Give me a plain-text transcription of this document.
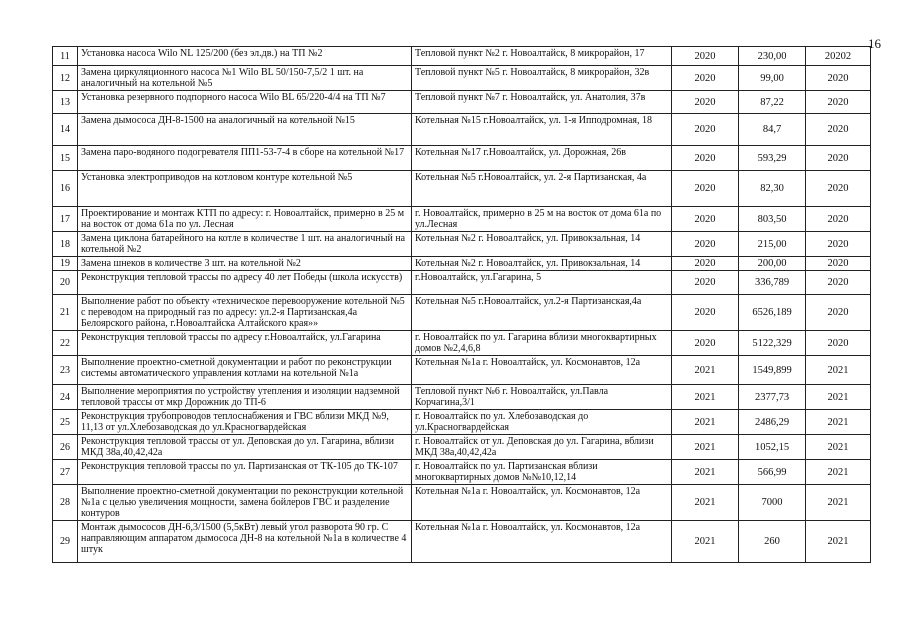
16
11	Установка насоса Wilo NL 125/200 (без эл.дв.) на ТП №2	Тепловой пункт №2 г. Новоалтайск, 8 микрорайон, 17	2020	230,00	20202
12	Замена циркуляционного насоса №1 Wilo BL 50/150-7,5/2 1 шт. на аналогичный на котельной №5	Тепловой пункт №5 г. Новоалтайск, 8 микрорайон, 32в	2020	99,00	2020
13	Установка резервного подпорного насоса Wilo BL 65/220-4/4 на ТП №7	Тепловой пункт №7 г. Новоалтайск, ул. Анатолия, 37в	2020	87,22	2020
14	Замена дымососа ДН-8-1500 на аналогичный на котельной №15	Котельная №15 г.Новоалтайск, ул. 1-я Ипподромная, 18	2020	84,7	2020
15	Замена паро-водяного подогревателя ПП1-53-7-4 в сборе на котельной №17	Котельная №17 г.Новоалтайск, ул. Дорожная, 26в	2020	593,29	2020
16	Установка электроприводов на котловом контуре котельной №5	Котельная №5 г.Новоалтайск, ул. 2-я Партизанская, 4а	2020	82,30	2020
17	Проектирование и монтаж КТП по адресу: г. Новоалтайск, примерно в 25 м на восток от дома 61а по ул. Лесная	г. Новоалтайск, примерно в 25 м на восток от дома 61а по ул.Лесная	2020	803,50	2020
18	Замена циклона батарейного на котле в количестве 1 шт. на аналогичный на котельной №2	Котельная №2 г. Новоалтайск, ул. Привокзальная, 14	2020	215,00	2020
19	Замена шнеков в количестве 3 шт. на котельной №2	Котельная №2 г. Новоалтайск, ул. Привокзальная, 14	2020	200,00	2020
20	Реконструкция тепловой трассы по адресу 40 лет Победы (школа искусств)	г.Новоалтайск, ул.Гагарина, 5	2020	336,789	2020
21	Выполнение работ по объекту «техническое перевооружение котельной №5 с переводом на природный газ по адресу: ул.2-я Партизанская,4а Белоярского района, г.Новоалтайска Алтайского края»»	Котельная №5 г.Новоалтайск, ул.2-я Партизанская,4а	2020	6526,189	2020
22	Реконструкция тепловой трассы по адресу г.Новоалтайск, ул.Гагарина	г. Новоалтайск по ул. Гагарина вблизи многоквартирных домов №2,4,6,8	2020	5122,329	2020
23	Выполнение проектно-сметной документации и работ по реконструкции системы автоматического управления котлами на котельной №1а	Котельная №1а г. Новоалтайск, ул. Космонавтов, 12а	2021	1549,899	2021
24	Выполнение мероприятия по устройству утепления и изоляции надземной тепловой трассы от мкр Дорожник до ТП-6	Тепловой пункт №6 г. Новоалтайск, ул.Павла Корчагина,3/1	2021	2377,73	2021
25	Реконструкция трубопроводов теплоснабжения и ГВС вблизи МКД №9, 11,13 от ул.Хлебозаводская до ул.Красногвардейская	г. Новоалтайск по ул. Хлебозаводская до ул.Красногвардейская	2021	2486,29	2021
26	Реконструкция тепловой трассы от ул. Деповская до ул. Гагарина, вблизи МКД 38а,40,42,42а	г. Новоалтайск от ул. Деповская до ул. Гагарина, вблизи МКД 38а,40,42,42а	2021	1052,15	2021
27	Реконструкция тепловой трассы по ул. Партизанская от ТК-105 до ТК-107	г. Новоалтайск по ул. Партизанская вблизи многоквартирных домов №№10,12,14	2021	566,99	2021
28	Выполнение проектно-сметной документации по реконструкции котельной №1а с целью увеличения мощности, замена бойлеров ГВС и разделение контуров	Котельная №1а г. Новоалтайск, ул. Космонавтов, 12а	2021	7000	2021
29	Монтаж дымососов ДН-6,3/1500 (5,5кВт) левый угол разворота 90 гр. С направляющим аппаратом дымососа ДН-8 на котельной №1а в количестве 4 штук	Котельная №1а г. Новоалтайск, ул. Космонавтов, 12а	2021	260	2021
